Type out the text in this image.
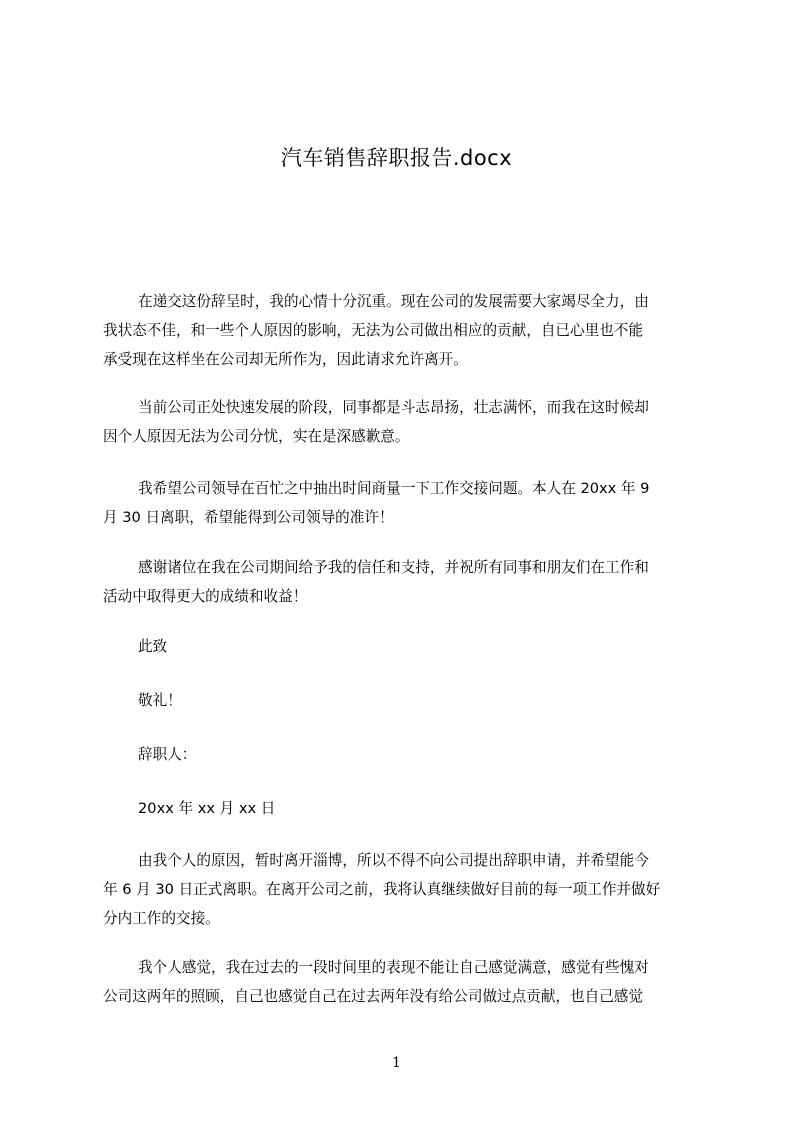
汽车销售辞职报告.docx
在递交这份辞呈时，我的心情十分沉重。现在公司的发展需要大家竭尽全力，由
我状态不佳，和一些个人原因的影响，无法为公司做出相应的贡献，自已心里也不能
承受现在这样坐在公司却无所作为，因此请求允许离开。
当前公司正处快速发展的阶段，同事都是斗志昂扬，壮志满怀，而我在这时候却
因个人原因无法为公司分忧，实在是深感歉意。
我希望公司领导在百忙之中抽出时间商量一下工作交接问题。本人在 20xx 年 9
月 30 日离职，希望能得到公司领导的准许！
感谢诸位在我在公司期间给予我的信任和支持，并祝所有同事和朋友们在工作和
活动中取得更大的成绩和收益！
此致
敬礼！
辞职人：
20xx 年 xx 月 xx 日
由我个人的原因，暂时离开淄博，所以不得不向公司提出辞职申请，并希望能今
年 6 月 30 日正式离职。在离开公司之前，我将认真继续做好目前的每一项工作并做好
分内工作的交接。
我个人感觉，我在过去的一段时间里的表现不能让自己感觉满意，感觉有些愧对
公司这两年的照顾，自己也感觉自己在过去两年没有给公司做过点贡献，也自己感觉
1
